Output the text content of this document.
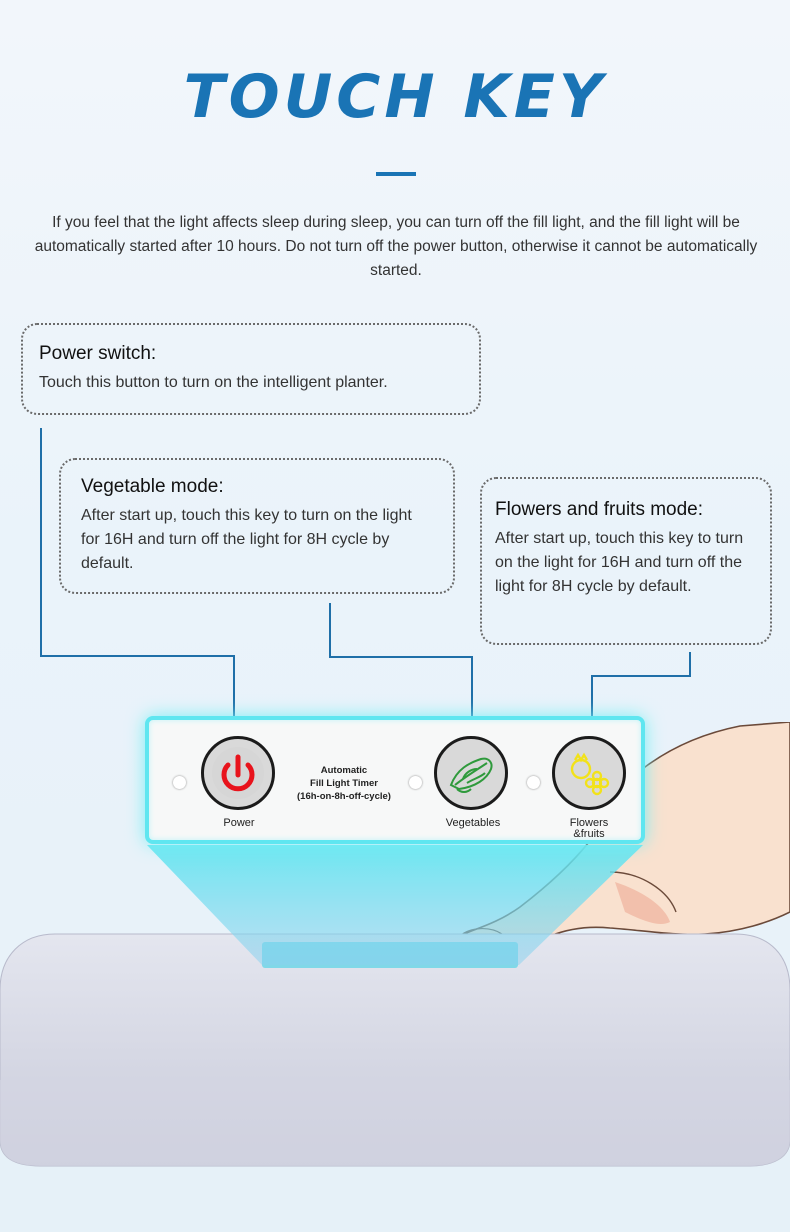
TOUCH KEY
If you feel that the light affects sleep during sleep, you can turn off the fill light, and the fill light will be automatically started after 10 hours. Do not turn off the power button, otherwise it cannot be automatically started.
Power switch:
Touch this button to turn on the intelligent planter.
Vegetable mode:
After start up, touch this key to turn on the light for 16H and turn off the light for 8H cycle by default.
Flowers and fruits mode:
After start up, touch this key to turn on the light for 16H and turn off the light for 8H cycle by default.
Power
Automatic
Fill Light Timer
(16h-on-8h-off-cycle)
Vegetables	Flowers
&fruits
